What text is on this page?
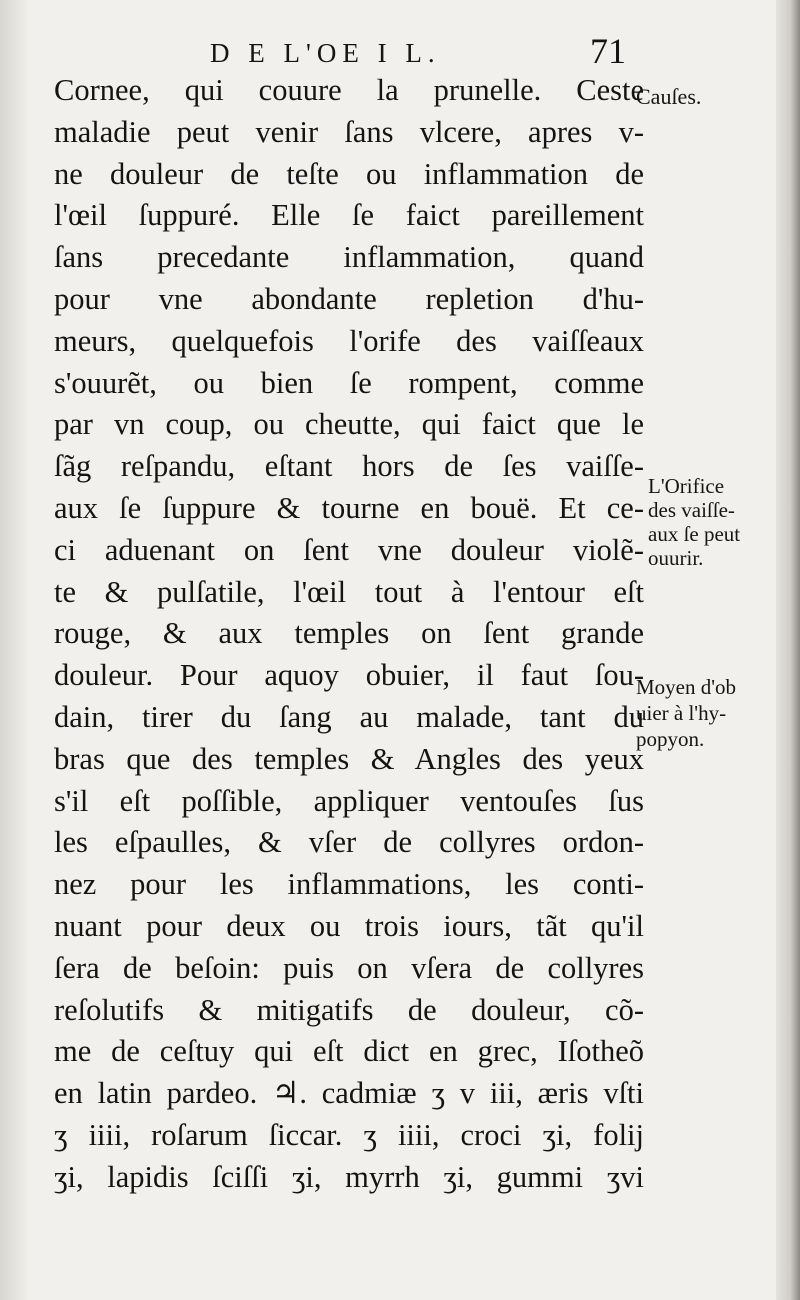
D E L'OE I L.	71
Cornee, qui couure la prunelle. Ceste
maladie peut venir ſans vlcere, apres v-
ne douleur de teſte ou inflammation de
l'œil ſuppuré. Elle ſe faict pareillement
ſans precedante inflammation, quand
pour vne abondante repletion d'hu-
meurs, quelquefois l'orife des vaiſſeaux
s'ouurẽt, ou bien ſe rompent, comme
par vn coup, ou cheutte, qui faict que le
ſãg reſpandu, eſtant hors de ſes vaiſſe-
aux ſe ſuppure & tourne en bouë. Et ce-
ci aduenant on ſent vne douleur violẽ-
te & pulſatile, l'œil tout à l'entour eſt
rouge, & aux temples on ſent grande
douleur. Pour aquoy obuier, il faut ſou-
dain, tirer du ſang au malade, tant du
bras que des temples & Angles des yeux
s'il eſt poſſible, appliquer ventouſes ſus
les eſpaulles, & vſer de collyres ordon-
nez pour les inflammations, les conti-
nuant pour deux ou trois iours, tãt qu'il
ſera de beſoin: puis on vſera de collyres
reſolutifs & mitigatifs de douleur, cõ-
me de ceſtuy qui eſt dict en grec, Iſotheõ
en latin pardeo. ♃. cadmiæ ʒ v iii, æris vſti
ʒ iiii, roſarum ſiccar. ʒ iiii, croci ʒi, folij
ʒi, lapidis ſciſſi ʒi, myrrh ʒi, gummi ʒvi
Cauſes.
L'Orifice
des vaiſſe-
aux ſe peut
ouurir.
Moyen d'ob
uier à l'hy-
popyon.
